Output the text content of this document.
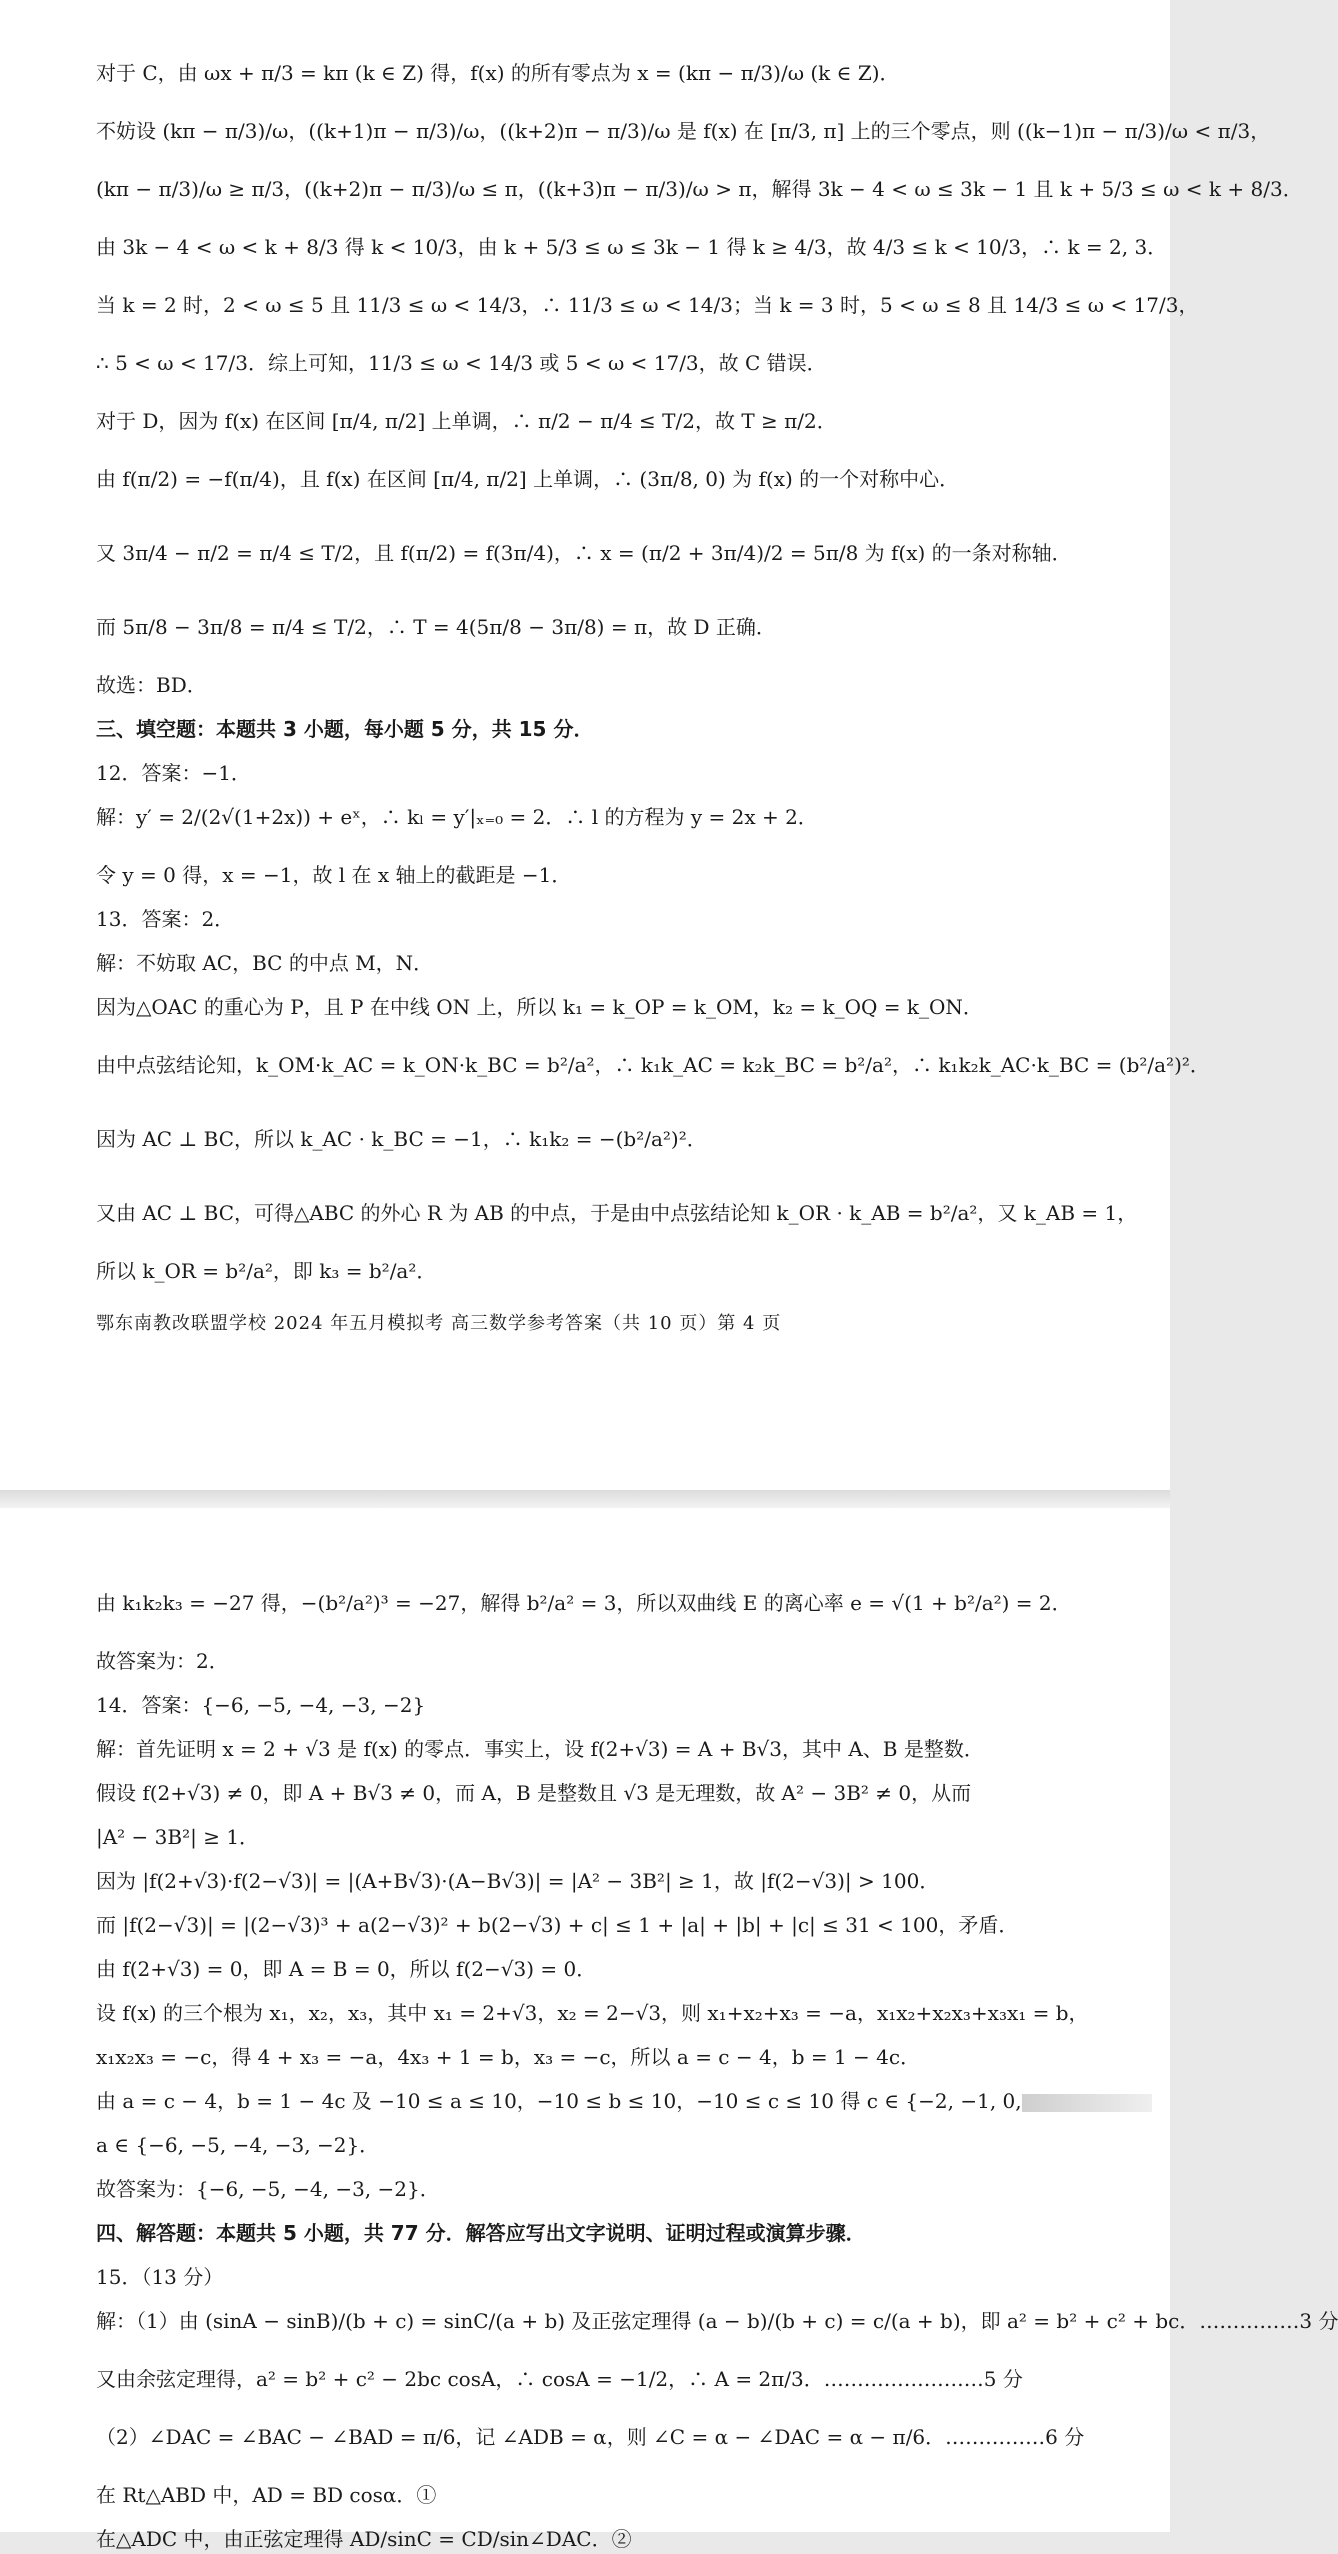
对于 C，由 ωx + π/3 = kπ (k ∈ Z) 得，f(x) 的所有零点为 x = (kπ − π/3)/ω (k ∈ Z)．
不妨设 (kπ − π/3)/ω，((k+1)π − π/3)/ω，((k+2)π − π/3)/ω 是 f(x) 在 [π/3, π] 上的三个零点，则 ((k−1)π − π/3)/ω < π/3，
(kπ − π/3)/ω ≥ π/3，((k+2)π − π/3)/ω ≤ π，((k+3)π − π/3)/ω > π，解得 3k − 4 < ω ≤ 3k − 1 且 k + 5/3 ≤ ω < k + 8/3．
由 3k − 4 < ω < k + 8/3 得 k < 10/3，由 k + 5/3 ≤ ω ≤ 3k − 1 得 k ≥ 4/3，故 4/3 ≤ k < 10/3，∴ k = 2, 3．
当 k = 2 时，2 < ω ≤ 5 且 11/3 ≤ ω < 14/3，∴ 11/3 ≤ ω < 14/3；当 k = 3 时，5 < ω ≤ 8 且 14/3 ≤ ω < 17/3，
∴ 5 < ω < 17/3．综上可知，11/3 ≤ ω < 14/3 或 5 < ω < 17/3，故 C 错误．
对于 D，因为 f(x) 在区间 [π/4, π/2] 上单调，∴ π/2 − π/4 ≤ T/2，故 T ≥ π/2．
由 f(π/2) = −f(π/4)，且 f(x) 在区间 [π/4, π/2] 上单调，∴ (3π/8, 0) 为 f(x) 的一个对称中心．
又 3π/4 − π/2 = π/4 ≤ T/2，且 f(π/2) = f(3π/4)，∴ x = (π/2 + 3π/4)/2 = 5π/8 为 f(x) 的一条对称轴．
而 5π/8 − 3π/8 = π/4 ≤ T/2，∴ T = 4(5π/8 − 3π/8) = π，故 D 正确．
故选：BD．
三、填空题：本题共 3 小题，每小题 5 分，共 15 分．
12．答案：−1．
解：y′ = 2/(2√(1+2x)) + eˣ，∴ kₗ = y′|ₓ₌₀ = 2．∴ l 的方程为 y = 2x + 2．
令 y = 0 得，x = −1，故 l 在 x 轴上的截距是 −1．
13．答案：2．
解：不妨取 AC，BC 的中点 M，N．
因为△OAC 的重心为 P，且 P 在中线 ON 上，所以 k₁ = k_OP = k_OM，k₂ = k_OQ = k_ON．
由中点弦结论知，k_OM·k_AC = k_ON·k_BC = b²/a²，∴ k₁k_AC = k₂k_BC = b²/a²，∴ k₁k₂k_AC·k_BC = (b²/a²)²．
因为 AC ⊥ BC，所以 k_AC · k_BC = −1，∴ k₁k₂ = −(b²/a²)²．
又由 AC ⊥ BC，可得△ABC 的外心 R 为 AB 的中点，于是由中点弦结论知 k_OR · k_AB = b²/a²，又 k_AB = 1，
所以 k_OR = b²/a²，即 k₃ = b²/a²．
鄂东南教改联盟学校 2024 年五月模拟考 高三数学参考答案（共 10 页）第 4 页
由 k₁k₂k₃ = −27 得，−(b²/a²)³ = −27，解得 b²/a² = 3，所以双曲线 E 的离心率 e = √(1 + b²/a²) = 2．
故答案为：2．
14．答案：{−6, −5, −4, −3, −2}
解：首先证明 x = 2 + √3 是 f(x) 的零点．事实上，设 f(2+√3) = A + B√3，其中 A、B 是整数．
假设 f(2+√3) ≠ 0，即 A + B√3 ≠ 0，而 A，B 是整数且 √3 是无理数，故 A² − 3B² ≠ 0，从而
|A² − 3B²| ≥ 1．
因为 |f(2+√3)·f(2−√3)| = |(A+B√3)·(A−B√3)| = |A² − 3B²| ≥ 1，故 |f(2−√3)| > 100．
而 |f(2−√3)| = |(2−√3)³ + a(2−√3)² + b(2−√3) + c| ≤ 1 + |a| + |b| + |c| ≤ 31 < 100，矛盾．
由 f(2+√3) = 0，即 A = B = 0，所以 f(2−√3) = 0．
设 f(x) 的三个根为 x₁，x₂，x₃，其中 x₁ = 2+√3，x₂ = 2−√3，则 x₁+x₂+x₃ = −a，x₁x₂+x₂x₃+x₃x₁ = b，
x₁x₂x₃ = −c，得 4 + x₃ = −a，4x₃ + 1 = b，x₃ = −c，所以 a = c − 4，b = 1 − 4c．
由 a = c − 4，b = 1 − 4c 及 −10 ≤ a ≤ 10，−10 ≤ b ≤ 10，−10 ≤ c ≤ 10 得 c ∈ {−2, −1, 0,
a ∈ {−6, −5, −4, −3, −2}．
故答案为：{−6, −5, −4, −3, −2}．
四、解答题：本题共 5 小题，共 77 分．解答应写出文字说明、证明过程或演算步骤．
15．（13 分）
解：（1）由 (sinA − sinB)/(b + c) = sinC/(a + b) 及正弦定理得 (a − b)/(b + c) = c/(a + b)，即 a² = b² + c² + bc．……………3 分
又由余弦定理得，a² = b² + c² − 2bc cosA，∴ cosA = −1/2，∴ A = 2π/3．……………………5 分
（2）∠DAC = ∠BAC − ∠BAD = π/6，记 ∠ADB = α，则 ∠C = α − ∠DAC = α − π/6．……………6 分
在 Rt△ABD 中，AD = BD cosα．①
在△ADC 中，由正弦定理得 AD/sinC = CD/sin∠DAC．②
